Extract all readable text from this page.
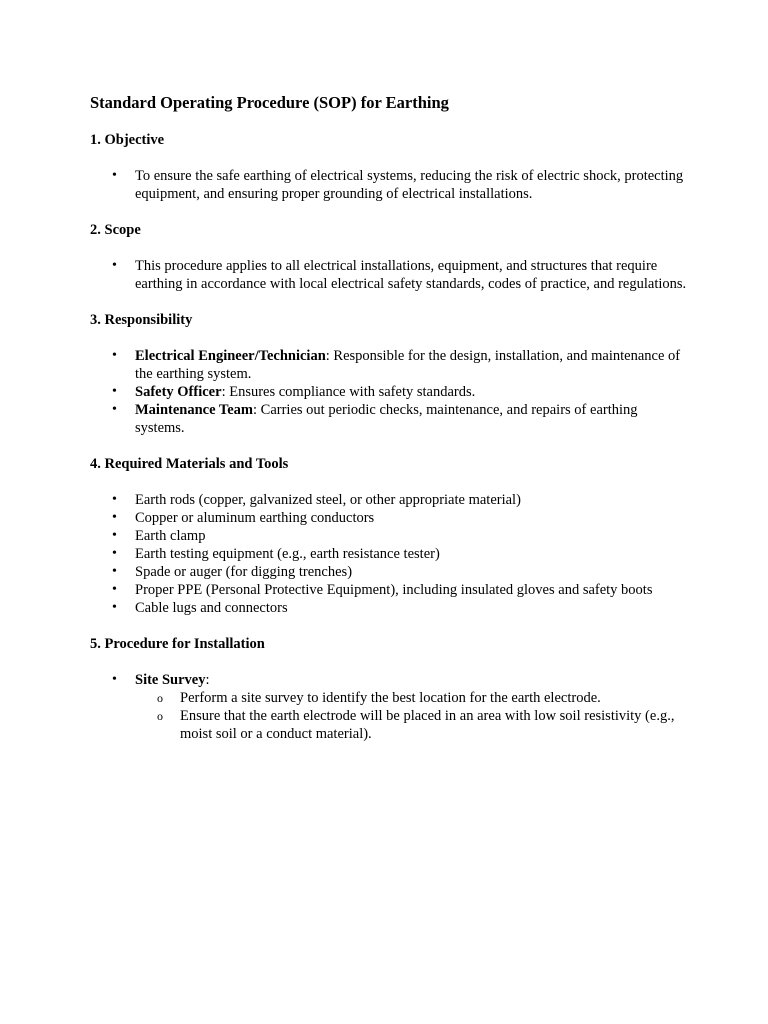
Standard Operating Procedure (SOP) for Earthing
1. Objective
• To ensure the safe earthing of electrical systems, reducing the risk of electric shock, protecting equipment, and ensuring proper grounding of electrical installations.
2. Scope
• This procedure applies to all electrical installations, equipment, and structures that require earthing in accordance with local electrical safety standards, codes of practice, and regulations.
3. Responsibility
• Electrical Engineer/Technician: Responsible for the design, installation, and maintenance of the earthing system.
• Safety Officer: Ensures compliance with safety standards.
• Maintenance Team: Carries out periodic checks, maintenance, and repairs of earthing systems.
4. Required Materials and Tools
• Earth rods (copper, galvanized steel, or other appropriate material)
• Copper or aluminum earthing conductors
• Earth clamp
• Earth testing equipment (e.g., earth resistance tester)
• Spade or auger (for digging trenches)
• Proper PPE (Personal Protective Equipment), including insulated gloves and safety boots
• Cable lugs and connectors
5. Procedure for Installation
• Site Survey:
o Perform a site survey to identify the best location for the earth electrode.
o Ensure that the earth electrode will be placed in an area with low soil resistivity (e.g., moist soil or a conduct material).
